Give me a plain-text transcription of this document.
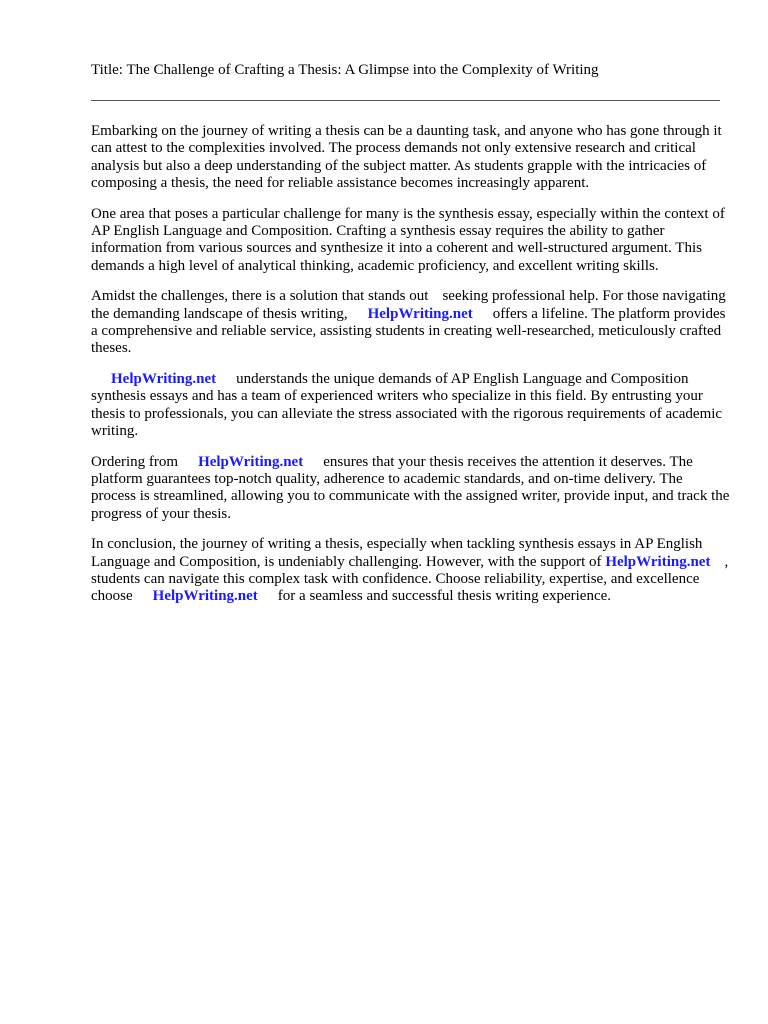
Title: The Challenge of Crafting a Thesis: A Glimpse into the Complexity of Writing

Embarking on the journey of writing a thesis can be a daunting task, and anyone who has gone through it can attest to the complexities involved. The process demands not only extensive research and critical analysis but also a deep understanding of the subject matter. As students grapple with the intricacies of composing a thesis, the need for reliable assistance becomes increasingly apparent.

One area that poses a particular challenge for many is the synthesis essay, especially within the context of AP English Language and Composition. Crafting a synthesis essay requires the ability to gather information from various sources and synthesize it into a coherent and well-structured argument. This demands a high level of analytical thinking, academic proficiency, and excellent writing skills.

Amidst the challenges, there is a solution that stands out seeking professional help. For those navigating the demanding landscape of thesis writing, HelpWriting.net offers a lifeline. The platform provides a comprehensive and reliable service, assisting students in creating well-researched, meticulously crafted theses.

HelpWriting.net understands the unique demands of AP English Language and Composition synthesis essays and has a team of experienced writers who specialize in this field. By entrusting your thesis to professionals, you can alleviate the stress associated with the rigorous requirements of academic writing.

Ordering from HelpWriting.net ensures that your thesis receives the attention it deserves. The platform guarantees top-notch quality, adherence to academic standards, and on-time delivery. The process is streamlined, allowing you to communicate with the assigned writer, provide input, and track the progress of your thesis.

In conclusion, the journey of writing a thesis, especially when tackling synthesis essays in AP English Language and Composition, is undeniably challenging. However, with the support of HelpWriting.net , students can navigate this complex task with confidence. Choose reliability, expertise, and excellencechoose HelpWriting.net for a seamless and successful thesis writing experience.
